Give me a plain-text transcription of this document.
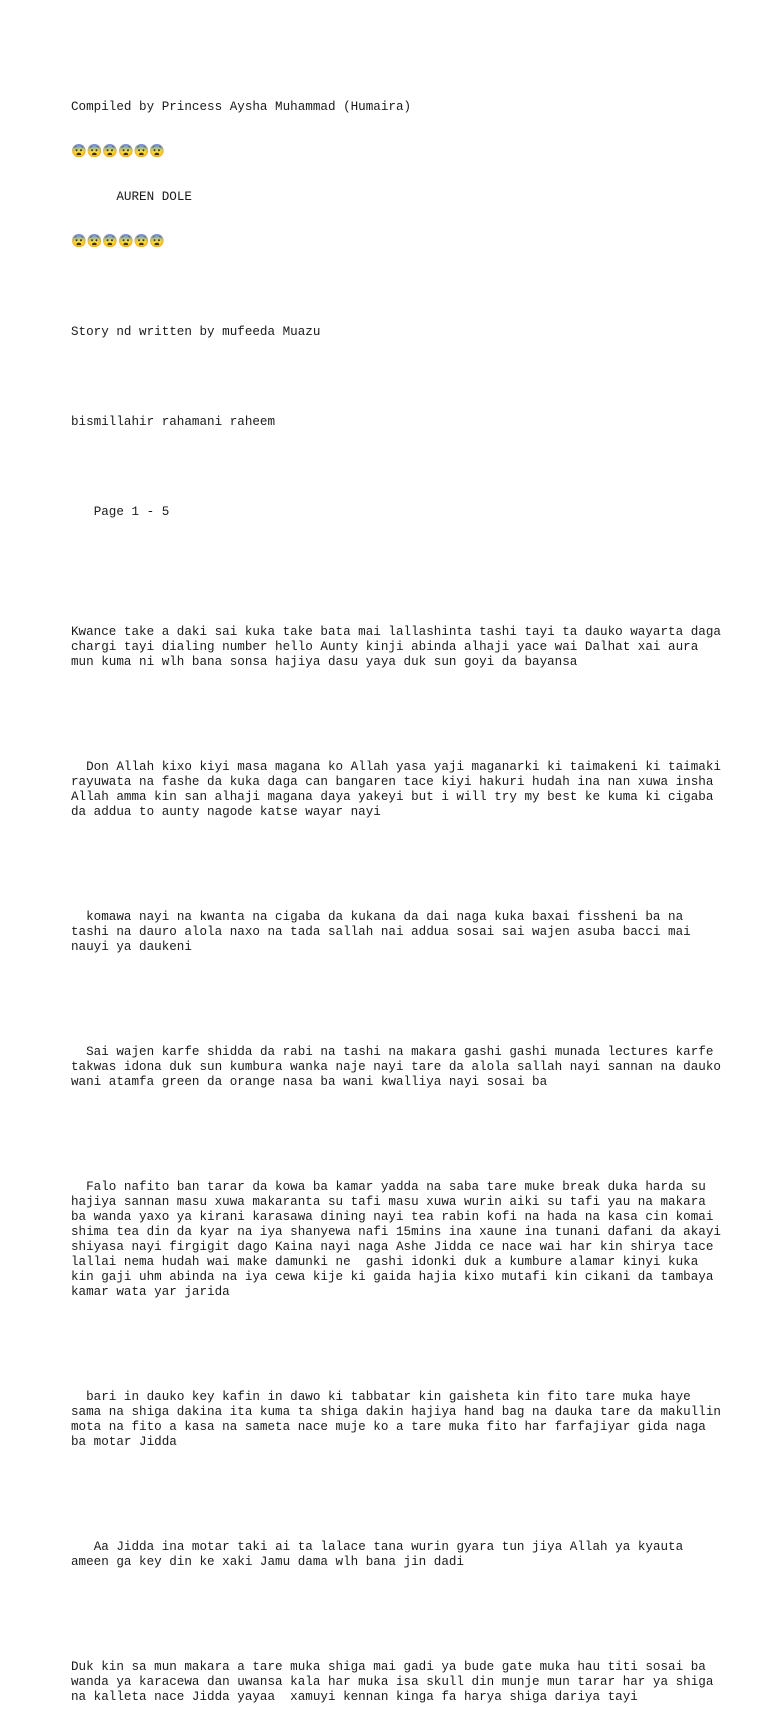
Compiled by Princess Aysha Muhammad (Humaira)

😨😨😨😨😨😨

AUREN DOLE

😨😨😨😨😨😨

Story nd written by mufeeda Muazu

bismillahir rahamani raheem

Page 1 - 5

Kwance take a daki sai kuka take bata mai lallashinta tashi tayi ta dauko wayarta daga chargi tayi dialing number hello Aunty kinji abinda alhaji yace wai Dalhat xai aura mun kuma ni wlh bana sonsa hajiya dasu yaya duk sun goyi da bayansa

Don Allah kixo kiyi masa magana ko Allah yasa yaji maganarki ki taimakeni ki taimaki rayuwata na fashe da kuka daga can bangaren tace kiyi hakuri hudah ina nan xuwa insha Allah amma kin san alhaji magana daya yakeyi but i will try my best ke kuma ki cigaba da addua to aunty nagode katse wayar nayi

komawa nayi na kwanta na cigaba da kukana da dai naga kuka baxai fissheni ba na tashi na dauro alola naxo na tada sallah nai addua sosai sai wajen asuba bacci mai nauyi ya daukeni

Sai wajen karfe shidda da rabi na tashi na makara gashi gashi munada lectures karfe takwas idona duk sun kumbura wanka naje nayi tare da alola sallah nayi sannan na dauko wani atamfa green da orange nasa ba wani kwalliya nayi sosai ba

Falo nafito ban tarar da kowa ba kamar yadda na saba tare muke break duka harda su hajiya sannan masu xuwa makaranta su tafi masu xuwa wurin aiki su tafi yau na makara ba wanda yaxo ya kirani karasawa dining nayi tea rabin kofi na hada na kasa cin komai shima tea din da kyar na iya shanyewa nafi 15mins ina xaune ina tunani dafani da akayi shiyasa nayi firgigit dago Kaina nayi naga Ashe Jidda ce nace wai har kin shirya tace lallai nema hudah wai make damunki ne  gashi idonki duk a kumbure alamar kinyi kuka kin gaji uhm abinda na iya cewa kije ki gaida hajia kixo mutafi kin cikani da tambaya kamar wata yar jarida

bari in dauko key kafin in dawo ki tabbatar kin gaisheta kin fito tare muka haye sama na shiga dakina ita kuma ta shiga dakin hajiya hand bag na dauka tare da makullin mota na fito a kasa na sameta nace muje ko a tare muka fito har farfajiyar gida naga ba motar Jidda

Aa Jidda ina motar taki ai ta lalace tana wurin gyara tun jiya Allah ya kyauta ameen ga key din ke xaki Jamu dama wlh bana jin dadi

Duk kin sa mun makara a tare muka shiga mai gadi ya bude gate muka hau titi sosai ba wanda ya karacewa dan uwansa kala har muka isa skull din munje mun tarar har ya shiga na kalleta nace Jidda yayaa  xamuyi kennan kinga fa harya shiga dariya tayi
